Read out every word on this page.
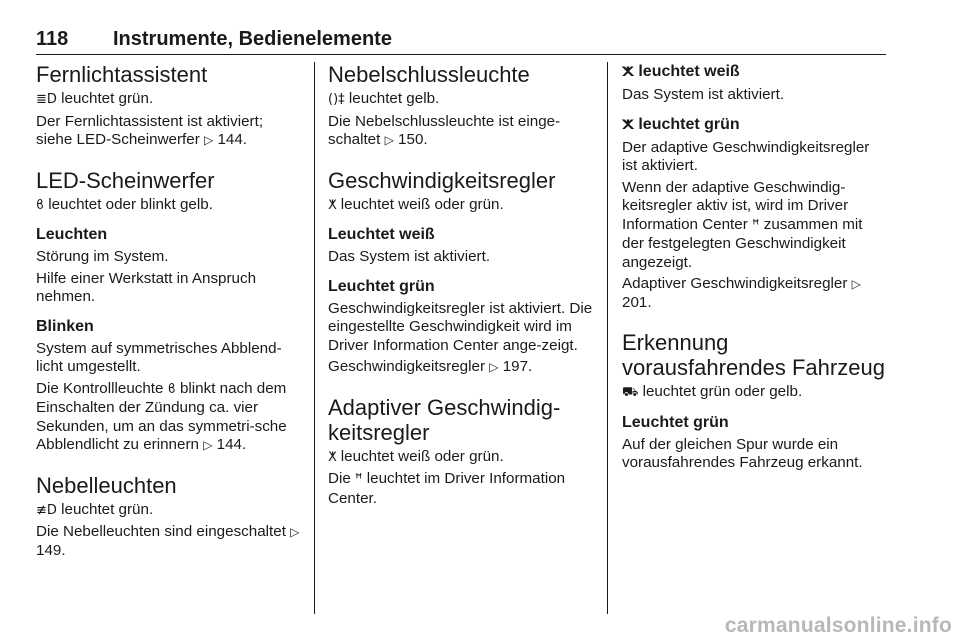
118 Instrumente, Bedienelemente
Fernlichtassistent

≣D leuchtet grün.

Der Fernlichtassistent ist aktiviert; siehe LED-Scheinwerfer ▷ 144.

LED-Scheinwerfer

ϐ leuchtet oder blinkt gelb.

Leuchten

Störung im System.

Hilfe einer Werkstatt in Anspruch nehmen.

Blinken

System auf symmetrisches Abblend-licht umgestellt.

Die Kontrollleuchte ϐ blinkt nach dem Einschalten der Zündung ca. vier Sekunden, um an das symmetri-sche Abblendlicht zu erinnern ▷ 144.

Nebelleuchten

≢D leuchtet grün.

Die Nebelleuchten sind eingeschaltet ▷ 149.

Nebelschlussleuchte

()‡ leuchtet gelb.

Die Nebelschlussleuchte ist einge-schaltet ▷ 150.

Geschwindigkeitsregler

ⵅ leuchtet weiß oder grün.

Leuchtet weiß

Das System ist aktiviert.

Leuchtet grün

Geschwindigkeitsregler ist aktiviert. Die eingestellte Geschwindigkeit wird im Driver Information Center ange-zeigt.

Geschwindigkeitsregler ▷ 197.

Adaptiver Geschwindig-keitsregler

ⵅ leuchtet weiß oder grün.

Die ꟸ leuchtet im Driver Information Center.

ⵅ leuchtet weiß

Das System ist aktiviert.

ⵅ leuchtet grün

Der adaptive Geschwindigkeitsregler ist aktiviert.

Wenn der adaptive Geschwindig-keitsregler aktiv ist, wird im Driver Information Center ꟸ zusammen mit der festgelegten Geschwindigkeit angezeigt.

Adaptiver Geschwindigkeitsregler ▷ 201.

Erkennung vorausfahrendes Fahrzeug

⛟ leuchtet grün oder gelb.

Leuchtet grün

Auf der gleichen Spur wurde ein vorausfahrendes Fahrzeug erkannt.

carmanualsonline.info
